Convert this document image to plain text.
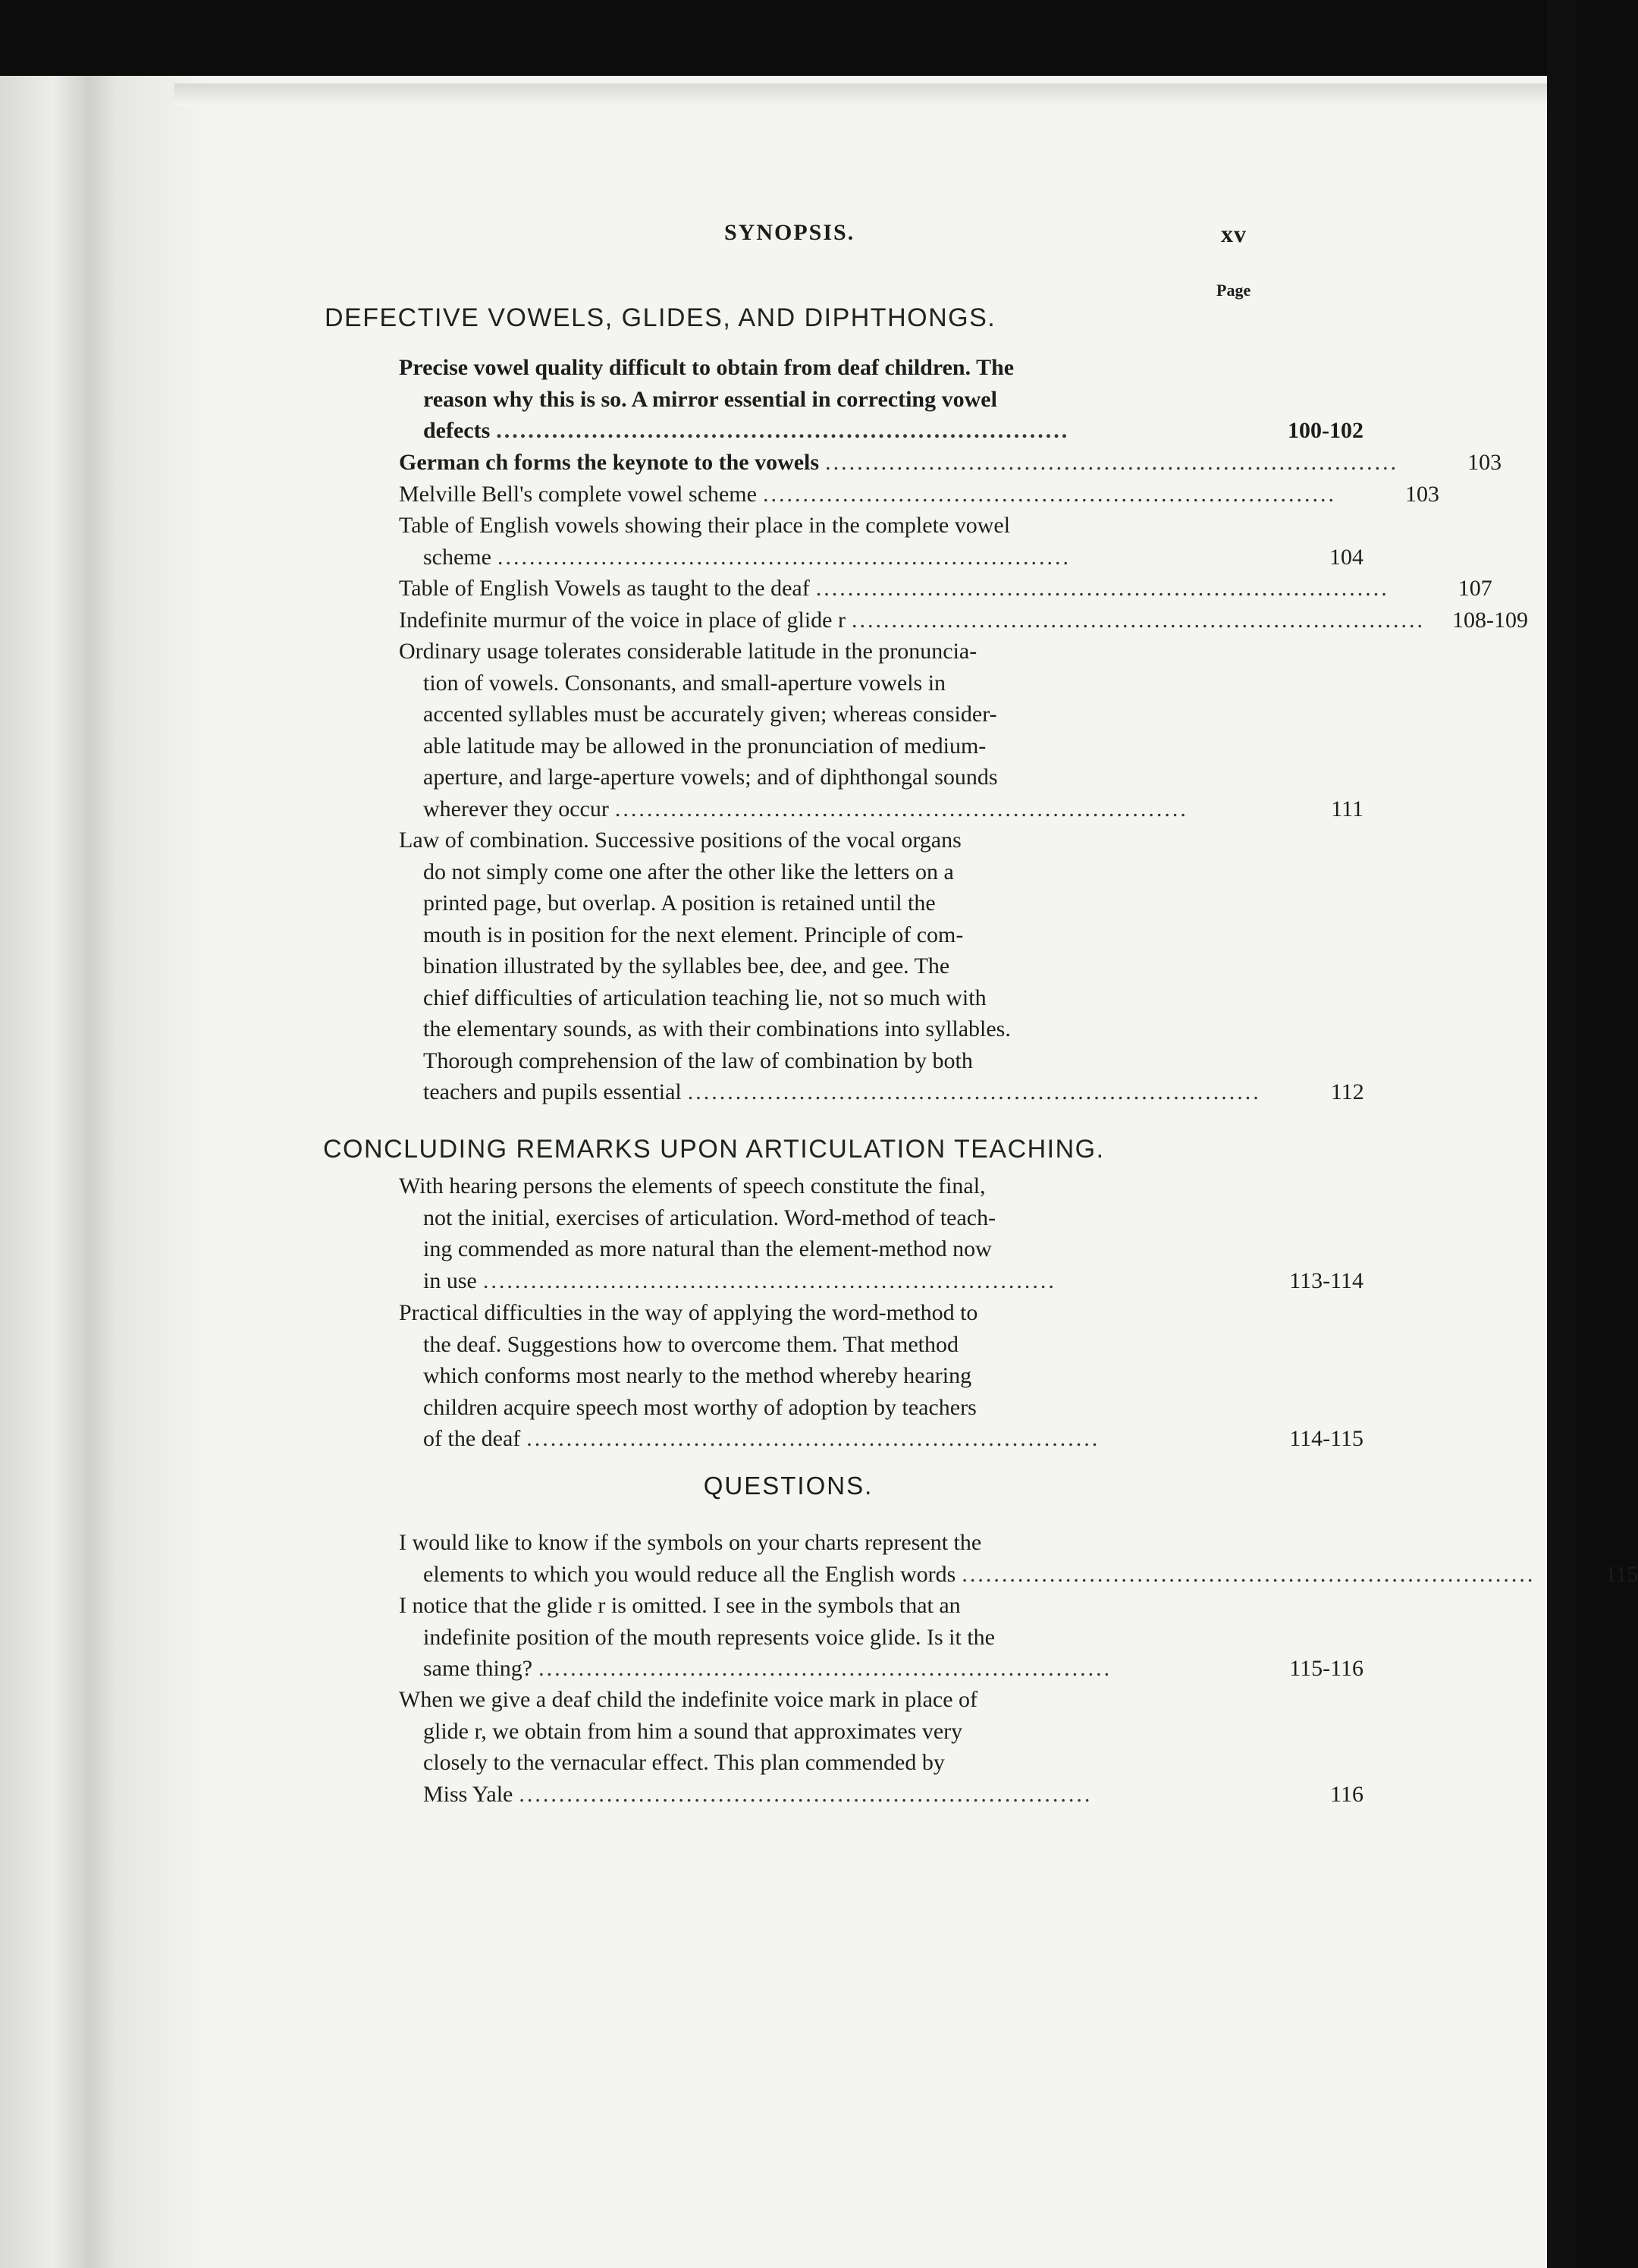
SYNOPSIS.	xv
Page
DEFECTIVE VOWELS, GLIDES, AND DIPHTHONGS.
Precise vowel quality difficult to obtain from deaf children. The
reason why this is so. A mirror essential in correcting vowel
defects ........................................................................	100-102
German ch forms the keynote to the vowels ........................................................................	103
Melville Bell's complete vowel scheme ........................................................................	103
Table of English vowels showing their place in the complete vowel
scheme ........................................................................	104
Table of English Vowels as taught to the deaf ........................................................................	107
Indefinite murmur of the voice in place of glide r ........................................................................	108-109
Ordinary usage tolerates considerable latitude in the pronuncia-
tion of vowels. Consonants, and small-aperture vowels in
accented syllables must be accurately given; whereas consider-
able latitude may be allowed in the pronunciation of medium-
aperture, and large-aperture vowels; and of diphthongal sounds
wherever they occur ........................................................................	111
Law of combination. Successive positions of the vocal organs
do not simply come one after the other like the letters on a
printed page, but overlap. A position is retained until the
mouth is in position for the next element. Principle of com-
bination illustrated by the syllables bee, dee, and gee. The
chief difficulties of articulation teaching lie, not so much with
the elementary sounds, as with their combinations into syllables.
Thorough comprehension of the law of combination by both
teachers and pupils essential ........................................................................	112
CONCLUDING REMARKS UPON ARTICULATION TEACHING.
With hearing persons the elements of speech constitute the final,
not the initial, exercises of articulation. Word-method of teach-
ing commended as more natural than the element-method now
in use ........................................................................	113-114
Practical difficulties in the way of applying the word-method to
the deaf. Suggestions how to overcome them. That method
which conforms most nearly to the method whereby hearing
children acquire speech most worthy of adoption by teachers
of the deaf ........................................................................	114-115
QUESTIONS.
I would like to know if the symbols on your charts represent the
elements to which you would reduce all the English words ........................................................................	115
I notice that the glide r is omitted. I see in the symbols that an
indefinite position of the mouth represents voice glide. Is it the
same thing? ........................................................................	115-116
When we give a deaf child the indefinite voice mark in place of
glide r, we obtain from him a sound that approximates very
closely to the vernacular effect. This plan commended by
Miss Yale ........................................................................	116
